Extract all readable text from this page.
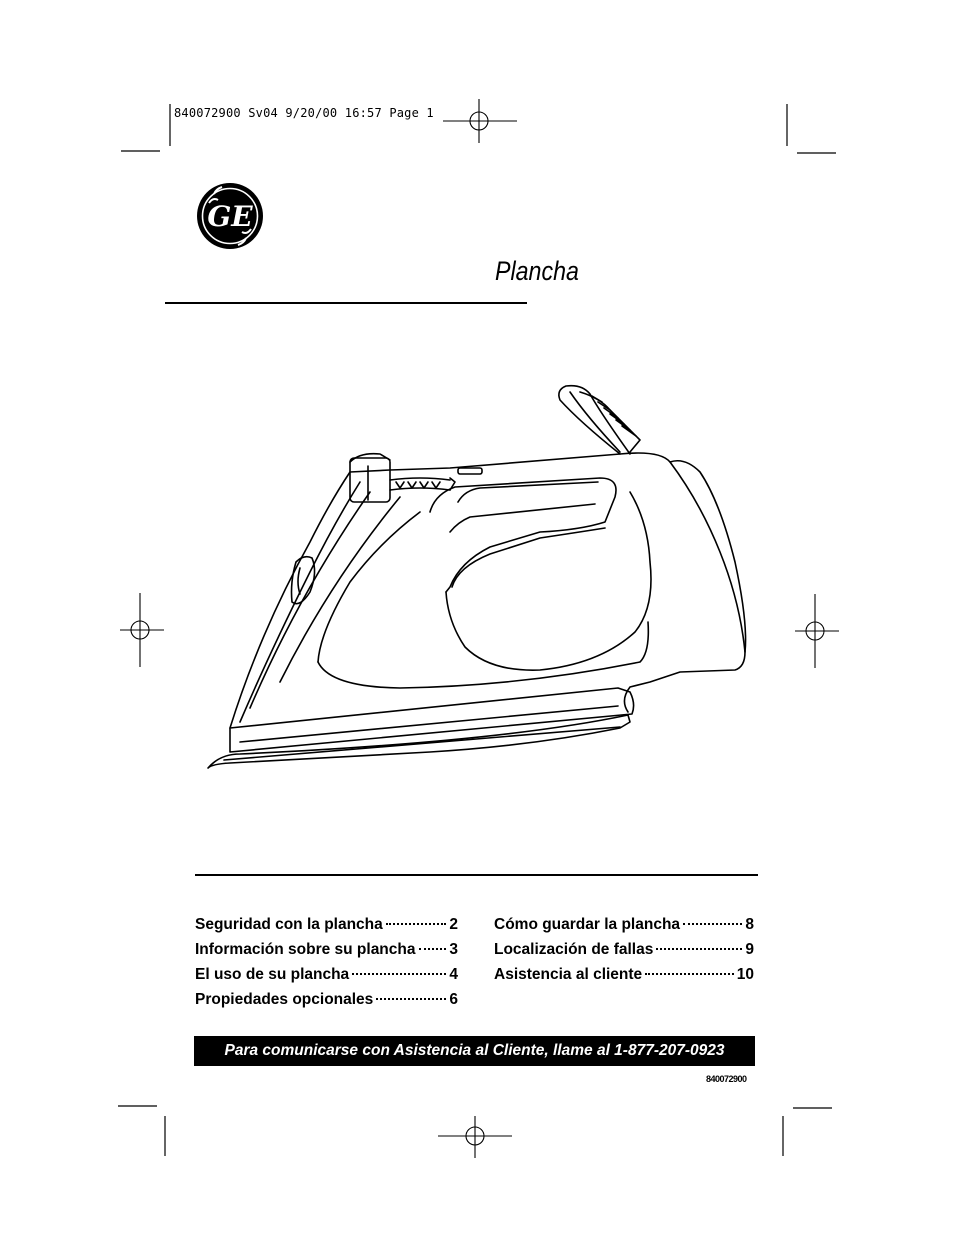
840072900 Sv04 9/20/00 16:57 Page 1
GE
Plancha
Seguridad con la plancha	2
Información sobre su plancha 3
El uso de su plancha	4
Propiedades opcionales	6
Cómo guardar la plancha	8
Localización de fallas	9
Asistencia al cliente	10
Para comunicarse con Asistencia al Cliente, llame al 1-877-207-0923
840072900
